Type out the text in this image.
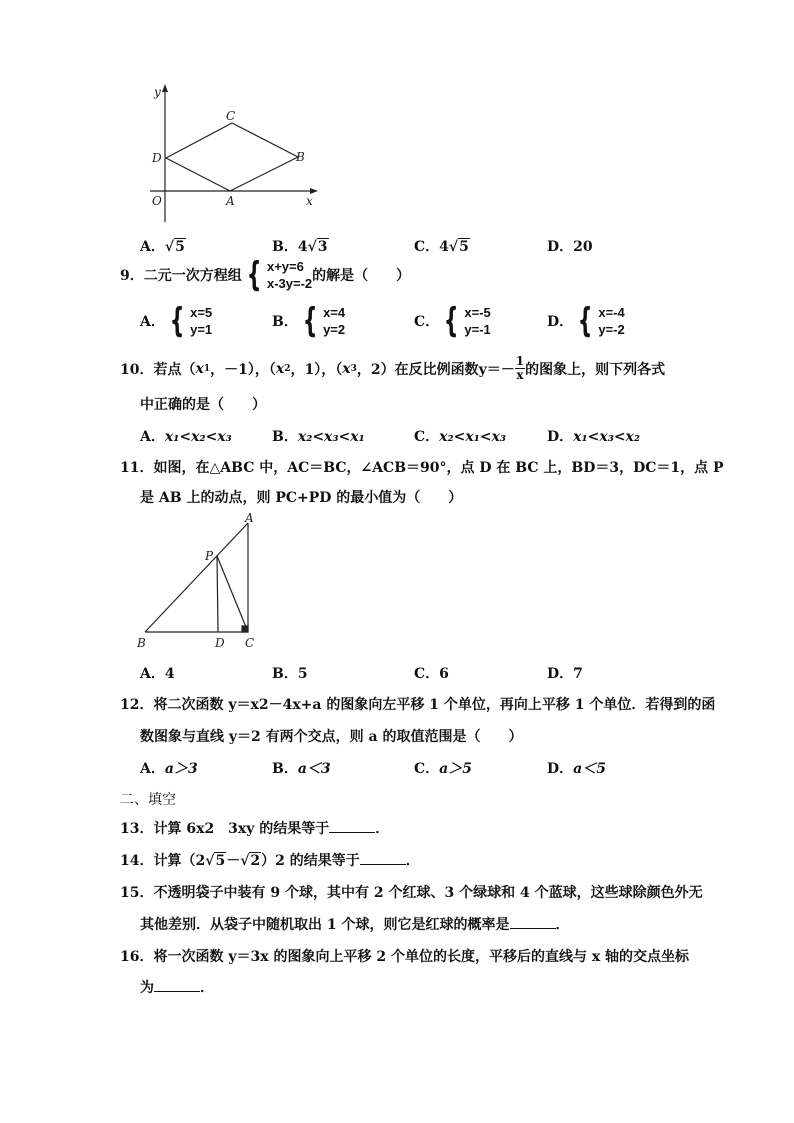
y
x
O	A
B
C
D
A．√5	B．4√3	C．4√5	D．20
9． 二元一次方程组 { x+y=6
x-3y=-2 的解是（　　）
A． { x=5
y=1	B． { x=4
y=2	C． { x=-5
y=-1	D． { x=-4
y=-2
10． 若点（ x 1 ，－1），（ x 2 ，1），（ x 3 ，2）在反比例函数 $y=- \frac{1}{x}$ 的图象上，则下列各式
中正确的是（　　）
A．x₁<x₂<x₃	B．x₂<x₃<x₁	C．x₂<x₁<x₃	D．x₁<x₃<x₂
11．如图，在△ABC 中，AC＝BC，∠ACB＝90°，点 D 在 BC 上，BD＝3，DC＝1，点 P
是 AB 上的动点，则 PC+PD 的最小值为（　　）
A
B	C
D
P
A．4	B．5	C．6	D．7
12．将二次函数 y＝x2－4x+a 的图象向左平移 1 个单位，再向上平移 1 个单位．若得到的函
数图象与直线 y＝2 有两个交点，则 a 的取值范围是（　　）
A．a＞3	B．a＜3	C．a＞5	D．a＜5
二、填空
13．计算 6x2　3xy 的结果等于	．
14．计算（2√5－√2）2 的结果等于	．
15．不透明袋子中装有 9 个球，其中有 2 个红球、3 个绿球和 4 个蓝球，这些球除颜色外无
其他差别．从袋子中随机取出 1 个球，则它是红球的概率是	．
16．将一次函数 y＝3x 的图象向上平移 2 个单位的长度，平移后的直线与 x 轴的交点坐标
为	．
